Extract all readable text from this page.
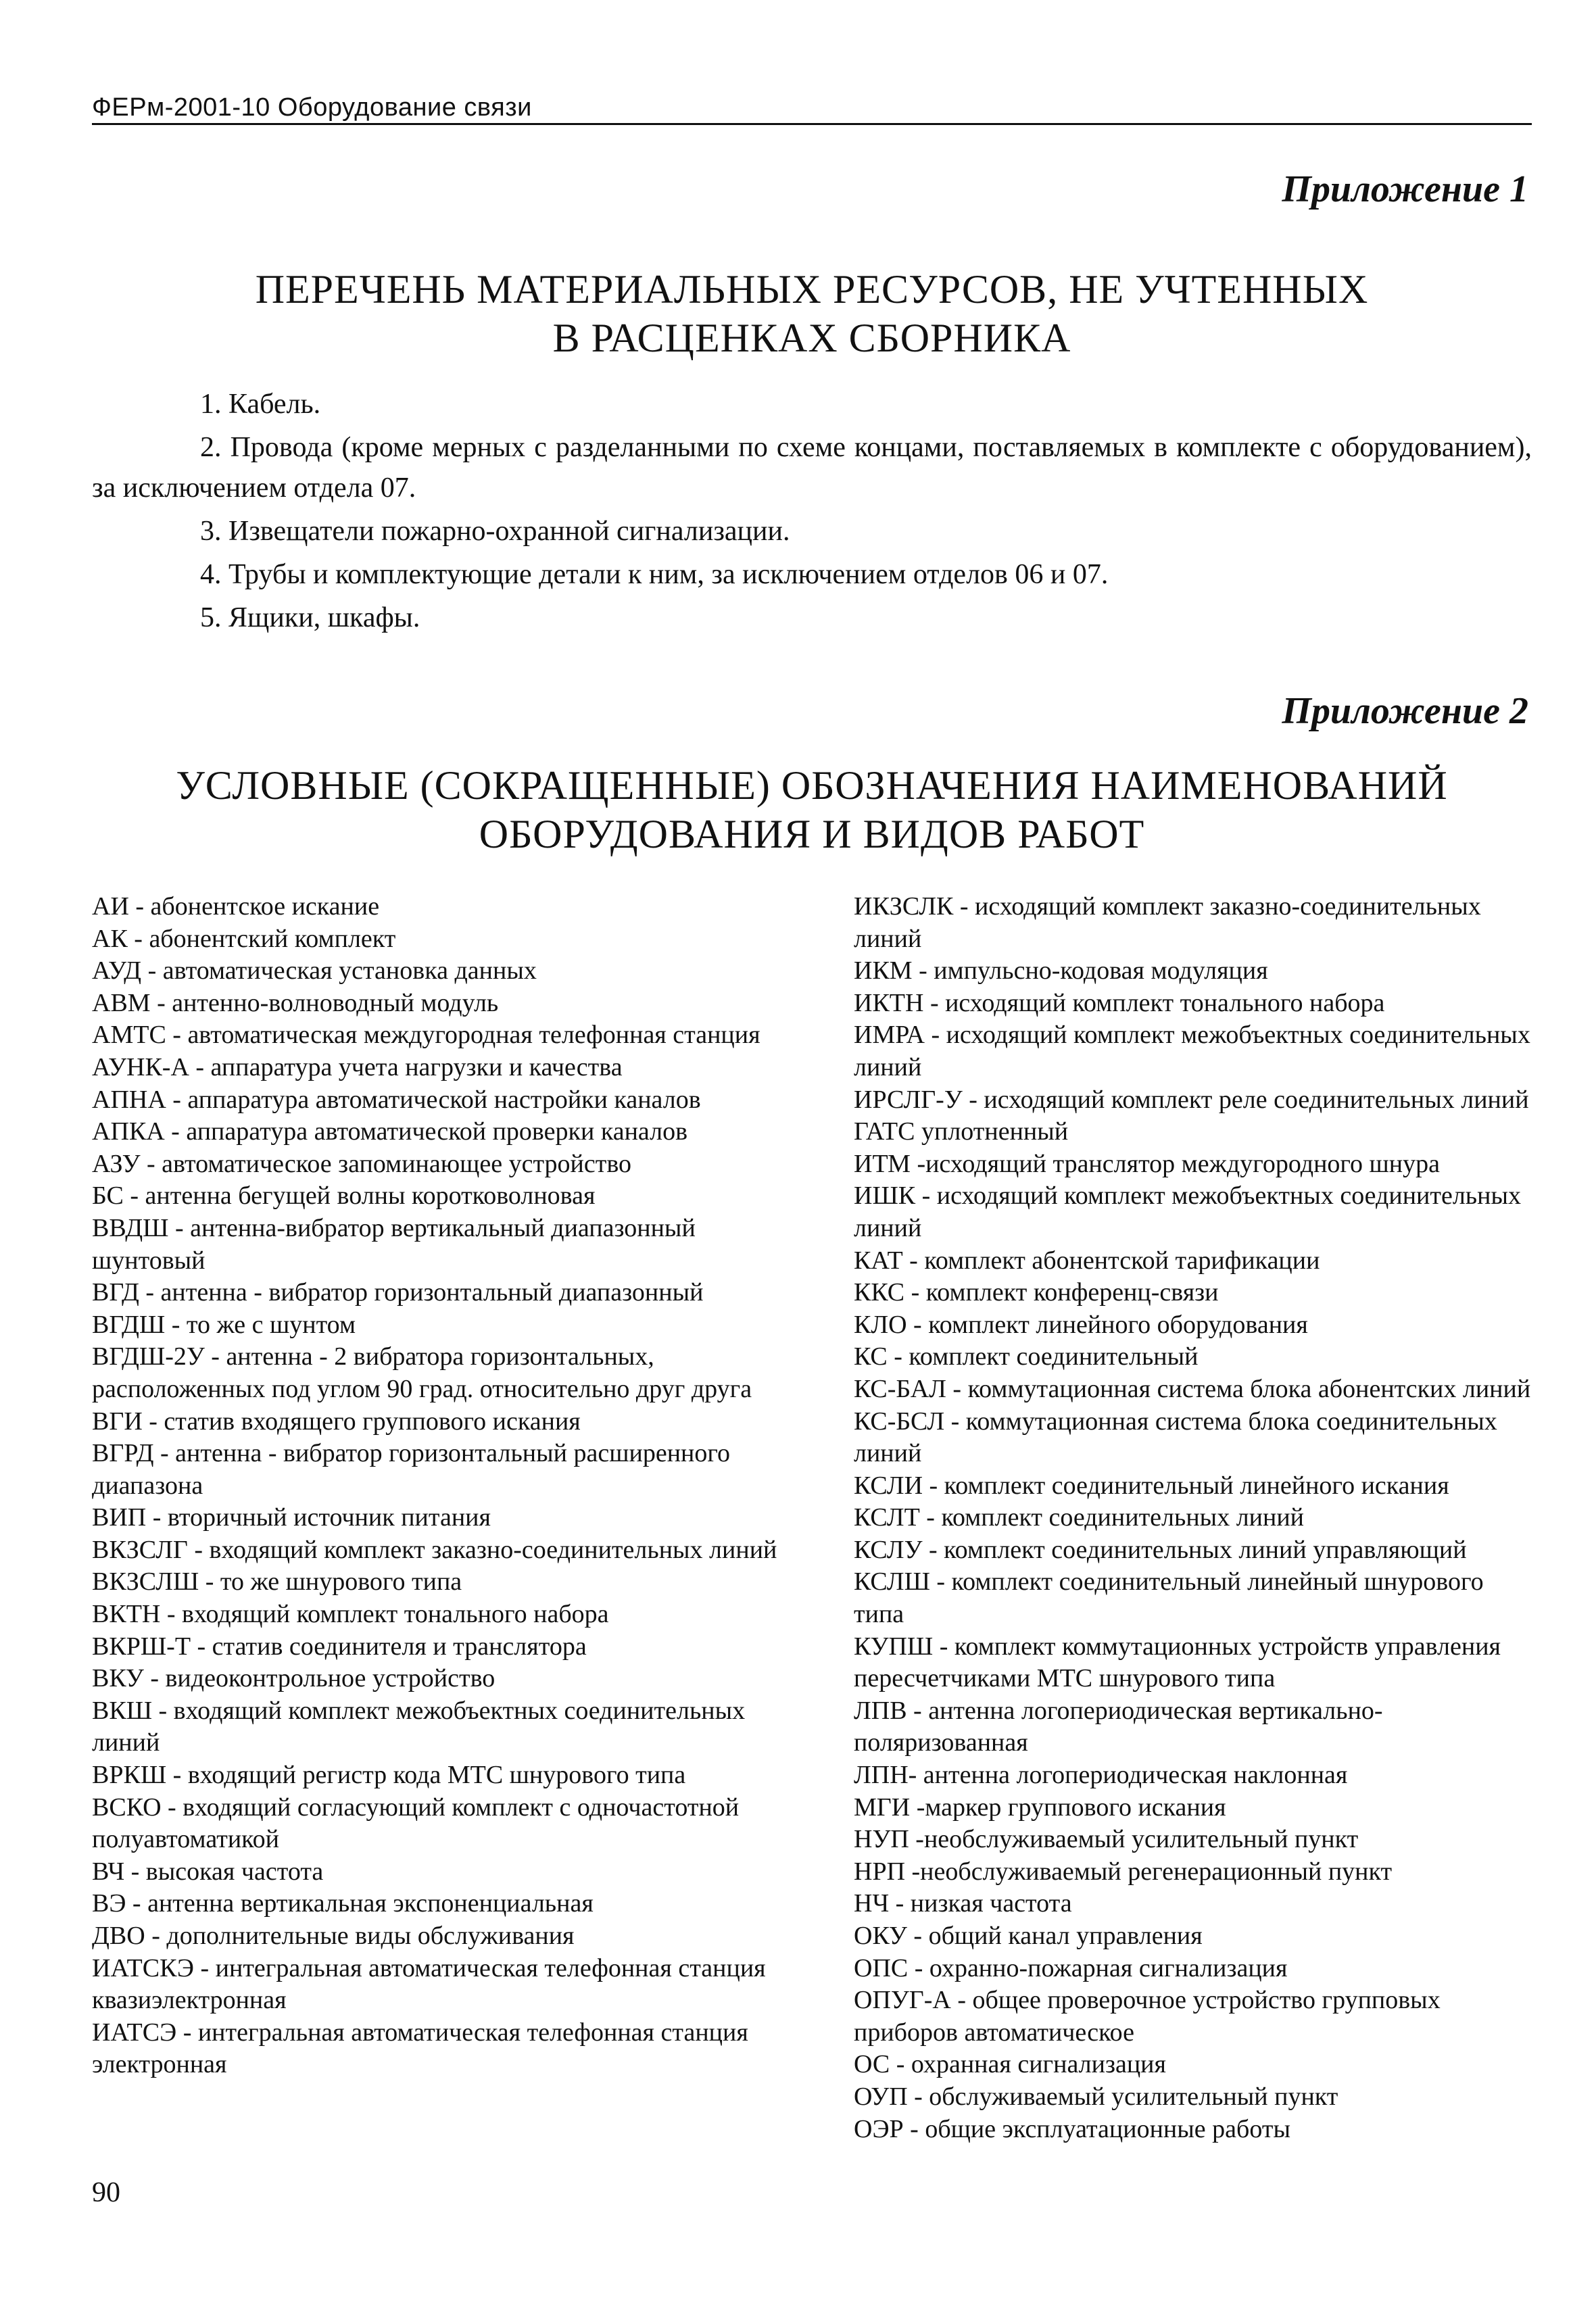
ФЕРм-2001-10 Оборудование связи
Приложение 1
ПЕРЕЧЕНЬ МАТЕРИАЛЬНЫХ РЕСУРСОВ, НЕ УЧТЕННЫХ
В РАСЦЕНКАХ СБОРНИКА

1. Кабель.

2. Провода (кроме мерных с разделанными по схеме концами, поставляемых в комплекте с оборудованием), за исключением отдела 07.

3. Извещатели пожарно-охранной сигнализации.

4. Трубы и комплектующие детали к ним, за исключением отделов 06 и 07.

5. Ящики, шкафы.

Приложение 2
УСЛОВНЫЕ (СОКРАЩЕННЫЕ) ОБОЗНАЧЕНИЯ НАИМЕНОВАНИЙ
ОБОРУДОВАНИЯ И ВИДОВ РАБОТ

АИ - абонентское искание

АК - абонентский комплект

АУД - автоматическая установка данных

АВМ - антенно-волноводный модуль

АМТС - автоматическая междугородная телефонная станция

АУНК-А - аппаратура учета нагрузки и качества

АПНА - аппаратура автоматической настройки каналов

АПКА - аппаратура автоматической проверки каналов

АЗУ - автоматическое запоминающее устройство

БС - антенна бегущей волны коротковолновая

ВВДШ - антенна-вибратор вертикальный диапазонный шунтовый

ВГД - антенна - вибратор горизонтальный диапазонный

ВГДШ - то же с шунтом

ВГДШ-2У - антенна - 2 вибратора горизонтальных, расположенных под углом 90 град. относительно друг друга

ВГИ - статив входящего группового искания

ВГРД - антенна - вибратор горизонтальный расширенного диапазона

ВИП - вторичный источник питания

ВКЗСЛГ - входящий комплект заказно-соединительных линий

ВКЗСЛШ - то же шнурового типа

ВКТН - входящий комплект тонального набора

ВКРШ-Т - статив соединителя и транслятора

ВКУ - видеоконтрольное устройство

ВКШ - входящий комплект межобъектных соединительных линий

ВРКШ - входящий регистр кода МТС шнурового типа

ВСКО - входящий согласующий комплект с одночастотной полуавтоматикой

ВЧ - высокая частота

ВЭ - антенна вертикальная экспоненциальная

ДВО - дополнительные виды обслуживания

ИАТСКЭ - интегральная автоматическая телефонная станция квазиэлектронная

ИАТСЭ - интегральная автоматическая телефонная станция электронная

ИКЗСЛК - исходящий комплект заказно-соединительных линий

ИКМ - импульсно-кодовая модуляция

ИКТН - исходящий комплект тонального набора

ИМРА - исходящий комплект межобъектных соединительных линий

ИРСЛГ-У - исходящий комплект реле соединительных линий ГАТС уплотненный

ИТМ -исходящий транслятор междугородного шнура

ИШК - исходящий комплект межобъектных соединительных линий

КАТ - комплект абонентской тарификации

ККС - комплект конференц-связи

КЛО - комплект линейного оборудования

КС - комплект соединительный

КС-БАЛ - коммутационная система блока абонентских линий

КС-БСЛ - коммутационная система блока соединительных линий

КСЛИ - комплект соединительный линейного искания

КСЛТ - комплект соединительных линий

КСЛУ - комплект соединительных линий управляющий

КСЛШ - комплект соединительный линейный шнурового типа

КУПШ - комплект коммутационных устройств управления пересчетчиками МТС шнурового типа

ЛПВ - антенна логопериодическая вертикально-поляризованная

ЛПН- антенна логопериодическая наклонная

МГИ -маркер группового искания

НУП -необслуживаемый усилительный пункт

НРП -необслуживаемый регенерационный пункт

НЧ - низкая частота

ОКУ - общий канал управления

ОПС - охранно-пожарная сигнализация

ОПУГ-А - общее проверочное устройство групповых приборов автоматическое

ОС - охранная сигнализация

ОУП - обслуживаемый усилительный пункт

ОЭР - общие эксплуатационные работы

90
